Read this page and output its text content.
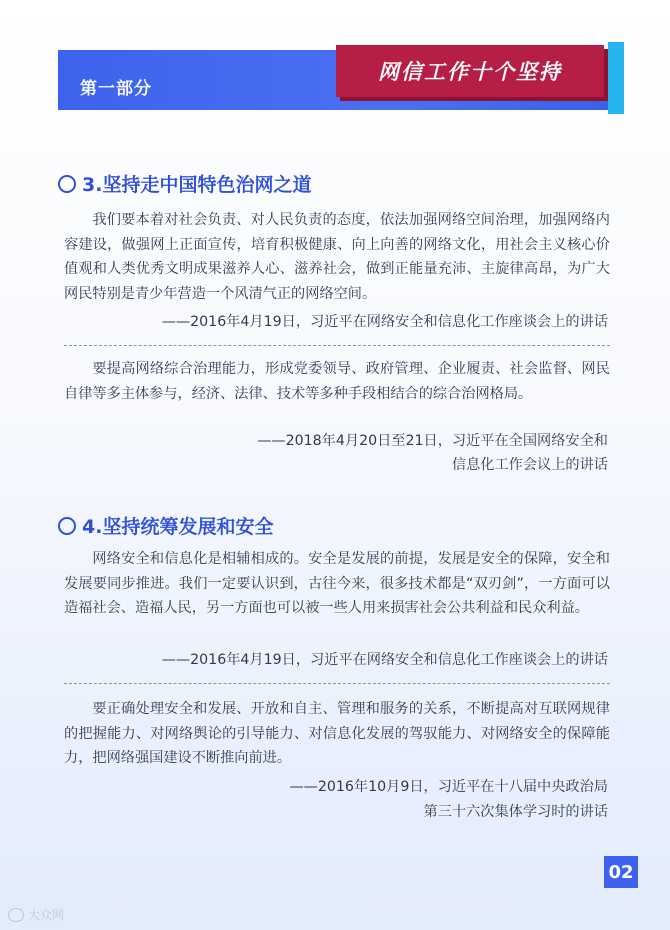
第一部分
网信工作十个坚持
3.坚持走中国特色治网之道

我们要本着对社会负责、对人民负责的态度，依法加强网络空间治理，加强网络内容建设，做强网上正面宣传，培育积极健康、向上向善的网络文化，用社会主义核心价值观和人类优秀文明成果滋养人心、滋养社会，做到正能量充沛、主旋律高昂，为广大网民特别是青少年营造一个风清气正的网络空间。

——2016年4月19日，习近平在网络安全和信息化工作座谈会上的讲话

要提高网络综合治理能力，形成党委领导、政府管理、企业履责、社会监督、网民自律等多主体参与，经济、法律、技术等多种手段相结合的综合治网格局。

——2018年4月20日至21日，习近平在全国网络安全和
信息化工作会议上的讲话
4.坚持统筹发展和安全

网络安全和信息化是相辅相成的。安全是发展的前提，发展是安全的保障，安全和发展要同步推进。我们一定要认识到，古往今来，很多技术都是“双刃剑”，一方面可以造福社会、造福人民，另一方面也可以被一些人用来损害社会公共利益和民众利益。

——2016年4月19日，习近平在网络安全和信息化工作座谈会上的讲话

要正确处理安全和发展、开放和自主、管理和服务的关系，不断提高对互联网规律的把握能力、对网络舆论的引导能力、对信息化发展的驾驭能力、对网络安全的保障能力，把网络强国建设不断推向前进。

——2016年10月9日，习近平在十八届中央政治局
第三十六次集体学习时的讲话
02
大众网
